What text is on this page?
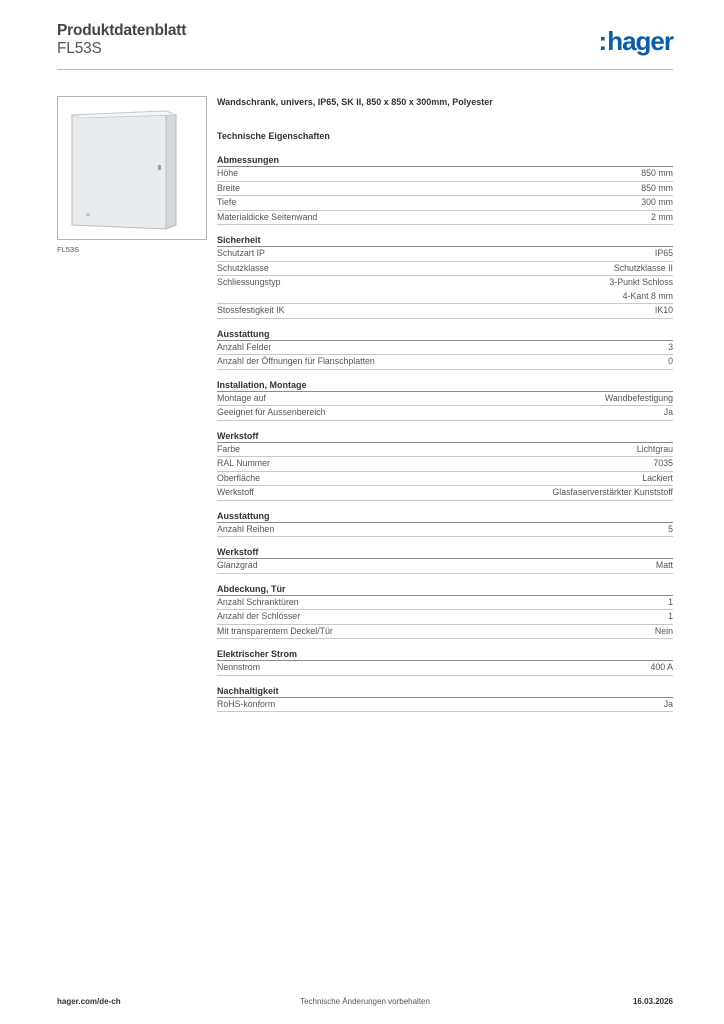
Produktdatenblatt
FL53S	:hager
FL53S
Wandschrank, univers, IP65, SK II, 850 x 850 x 300mm, Polyester
Technische Eigenschaften
Abmessungen
Höhe	850 mm
Breite	850 mm
Tiefe	300 mm
Materialdicke Seitenwand	2 mm
Sicherheit
Schutzart IP	IP65
Schutzklasse	Schutzklasse II
Schliessungstyp	3-Punkt Schloss
4-Kant 8 mm
Stossfestigkeit IK	IK10
Ausstattung
Anzahl Felder	3
Anzahl der Öffnungen für Flanschplatten	0
Installation, Montage
Montage auf	Wandbefestigung
Geeignet für Aussenbereich	Ja
Werkstoff
Farbe	Lichtgrau
RAL Nummer	7035
Oberfläche	Lackiert
Werkstoff	Glasfaserverstärkter Kunststoff
Ausstattung
Anzahl Reihen	5
Werkstoff
Glanzgrad	Matt
Abdeckung, Tür
Anzahl Schranktüren	1
Anzahl der Schlösser	1
Mit transparentem Deckel/Tür	Nein
Elektrischer Strom
Nennstrom	400 A
Nachhaltigkeit
RoHS-konform	Ja
hager.com/de-ch	Technische Änderungen vorbehalten	16.03.2026
